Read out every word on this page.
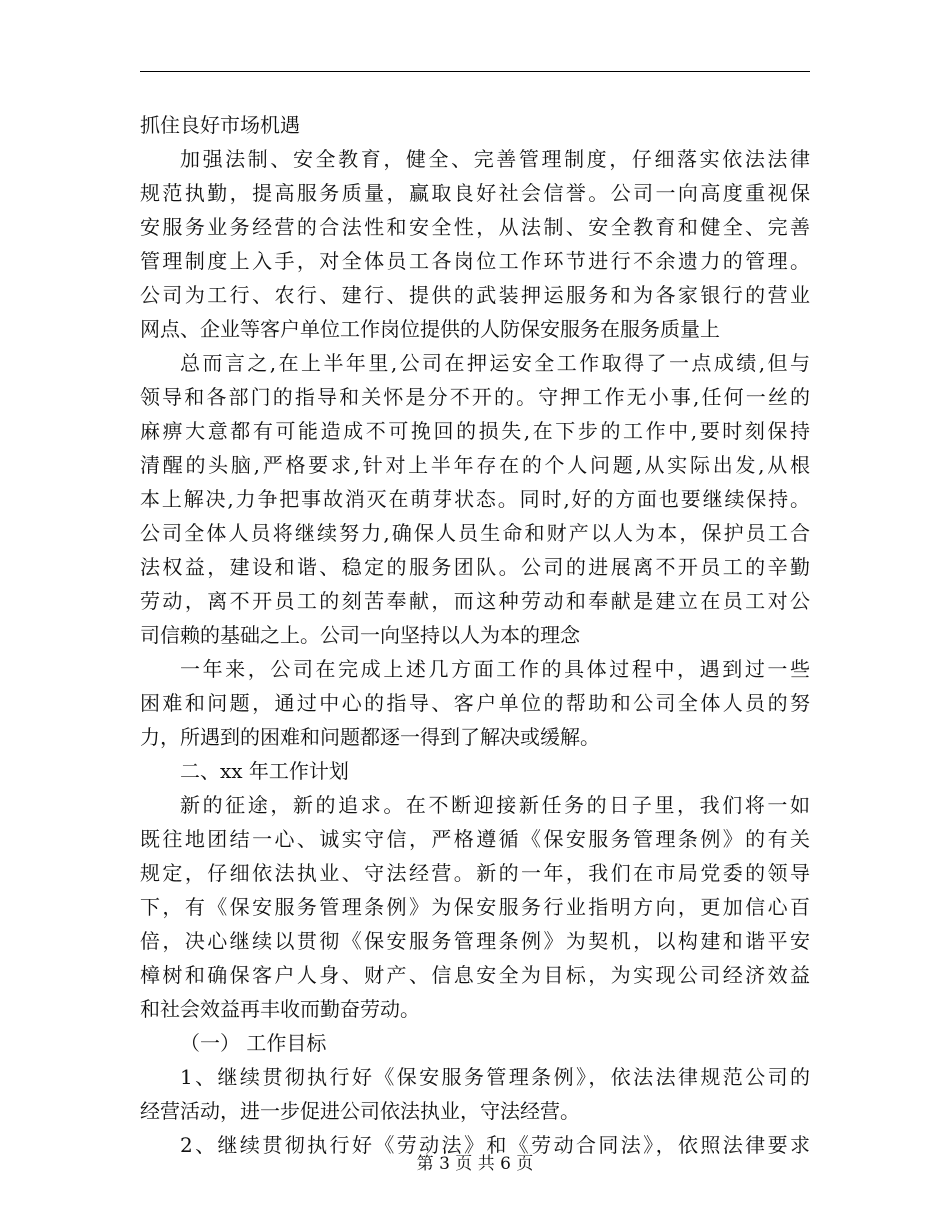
抓住良好市场机遇
加强法制、安全教育，健全、完善管理制度，仔细落实依法法律
规范执勤，提高服务质量，赢取良好社会信誉。公司一向高度重视保
安服务业务经营的合法性和安全性，从法制、安全教育和健全、完善
管理制度上入手，对全体员工各岗位工作环节进行不余遗力的管理。
公司为工行、农行、建行、提供的武装押运服务和为各家银行的营业
网点、企业等客户单位工作岗位提供的人防保安服务在服务质量上
总而言之,在上半年里,公司在押运安全工作取得了一点成绩,但与
领导和各部门的指导和关怀是分不开的。守押工作无小事,任何一丝的
麻痹大意都有可能造成不可挽回的损失,在下步的工作中,要时刻保持
清醒的头脑,严格要求,针对上半年存在的个人问题,从实际出发,从根
本上解决,力争把事故消灭在萌芽状态。同时,好的方面也要继续保持。
公司全体人员将继续努力,确保人员生命和财产以人为本，保护员工合
法权益，建设和谐、稳定的服务团队。公司的进展离不开员工的辛勤
劳动，离不开员工的刻苦奉献，而这种劳动和奉献是建立在员工对公
司信赖的基础之上。公司一向坚持以人为本的理念
一年来，公司在完成上述几方面工作的具体过程中，遇到过一些
困难和问题，通过中心的指导、客户单位的帮助和公司全体人员的努
力，所遇到的困难和问题都逐一得到了解决或缓解。
二、xx 年工作计划
新的征途，新的追求。在不断迎接新任务的日子里，我们将一如
既往地团结一心、诚实守信，严格遵循《保安服务管理条例》的有关
规定，仔细依法执业、守法经营。新的一年，我们在市局党委的领导
下，有《保安服务管理条例》为保安服务行业指明方向，更加信心百
倍，决心继续以贯彻《保安服务管理条例》为契机，以构建和谐平安
樟树和确保客户人身、财产、信息安全为目标，为实现公司经济效益
和社会效益再丰收而勤奋劳动。
（一） 工作目标
1、继续贯彻执行好《保安服务管理条例》，依法法律规范公司的
经营活动，进一步促进公司依法执业，守法经营。
2、继续贯彻执行好《劳动法》和《劳动合同法》，依照法律要求
第 3 页 共 6 页
